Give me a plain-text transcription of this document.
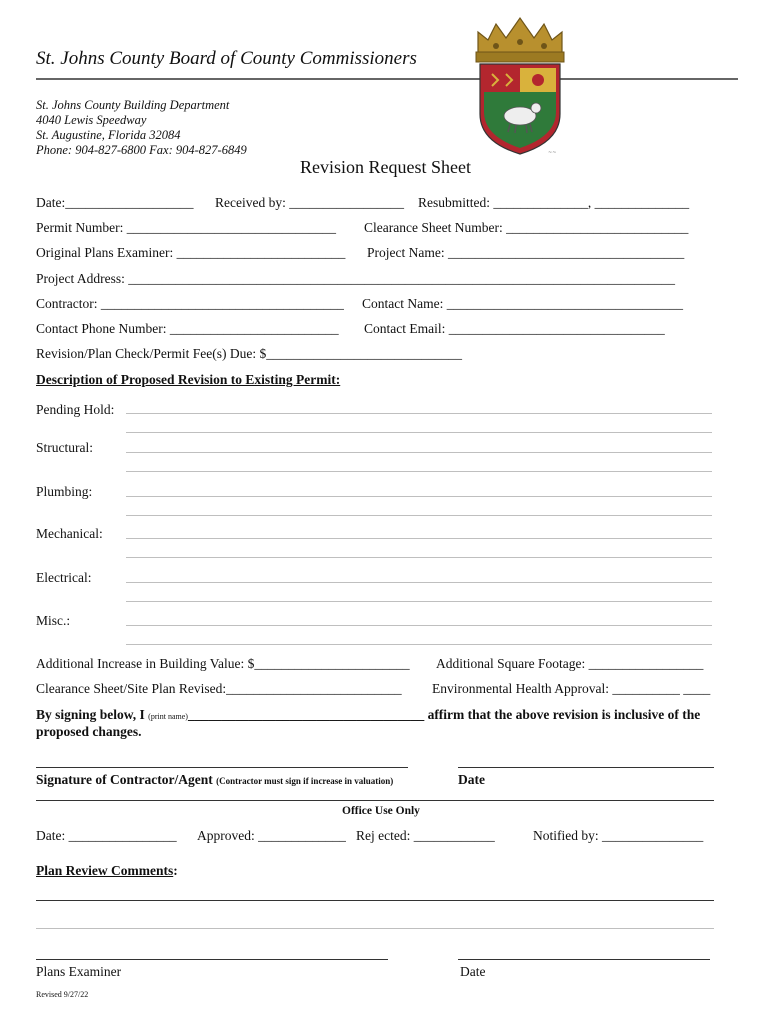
St. Johns County Board of County Commissioners
St. Johns County Building Department
4040 Lewis Speedway
St. Augustine, Florida 32084
Phone: 904-827-6800 Fax: 904-827-6849	~~
Revision Request Sheet
Date:___________________ Received by: _________________ Resubmitted: ______________, ______________
Permit Number: _______________________________ Clearance Sheet Number: ___________________________
Original Plans Examiner: _________________________ Project Name: ___________________________________
Project Address: _________________________________________________________________________________
Contractor: ____________________________________ Contact Name: ___________________________________
Contact Phone Number: _________________________ Contact Email: ________________________________
Revision/Plan Check/Permit Fee(s) Due: $_____________________________
Description of Proposed Revision to Existing Permit:
Pending Hold:
Structural:
Plumbing:
Mechanical:
Electrical:
Misc.:
Additional Increase in Building Value: $_______________________ Additional Square Footage: _________________
Clearance Sheet/Site Plan Revised:__________________________ Environmental Health Approval: __________ ____
By signing below, I (print name)___________________________________ affirm that the above revision is inclusive of the
proposed changes.
Signature of Contractor/Agent (Contractor must sign if increase in valuation)	Date
Office Use Only
Date: ________________ Approved: _____________ Rej ected: ____________	Notified by: _______________
Plan Review Comments:
Plans Examiner	Date
Revised 9/27/22
